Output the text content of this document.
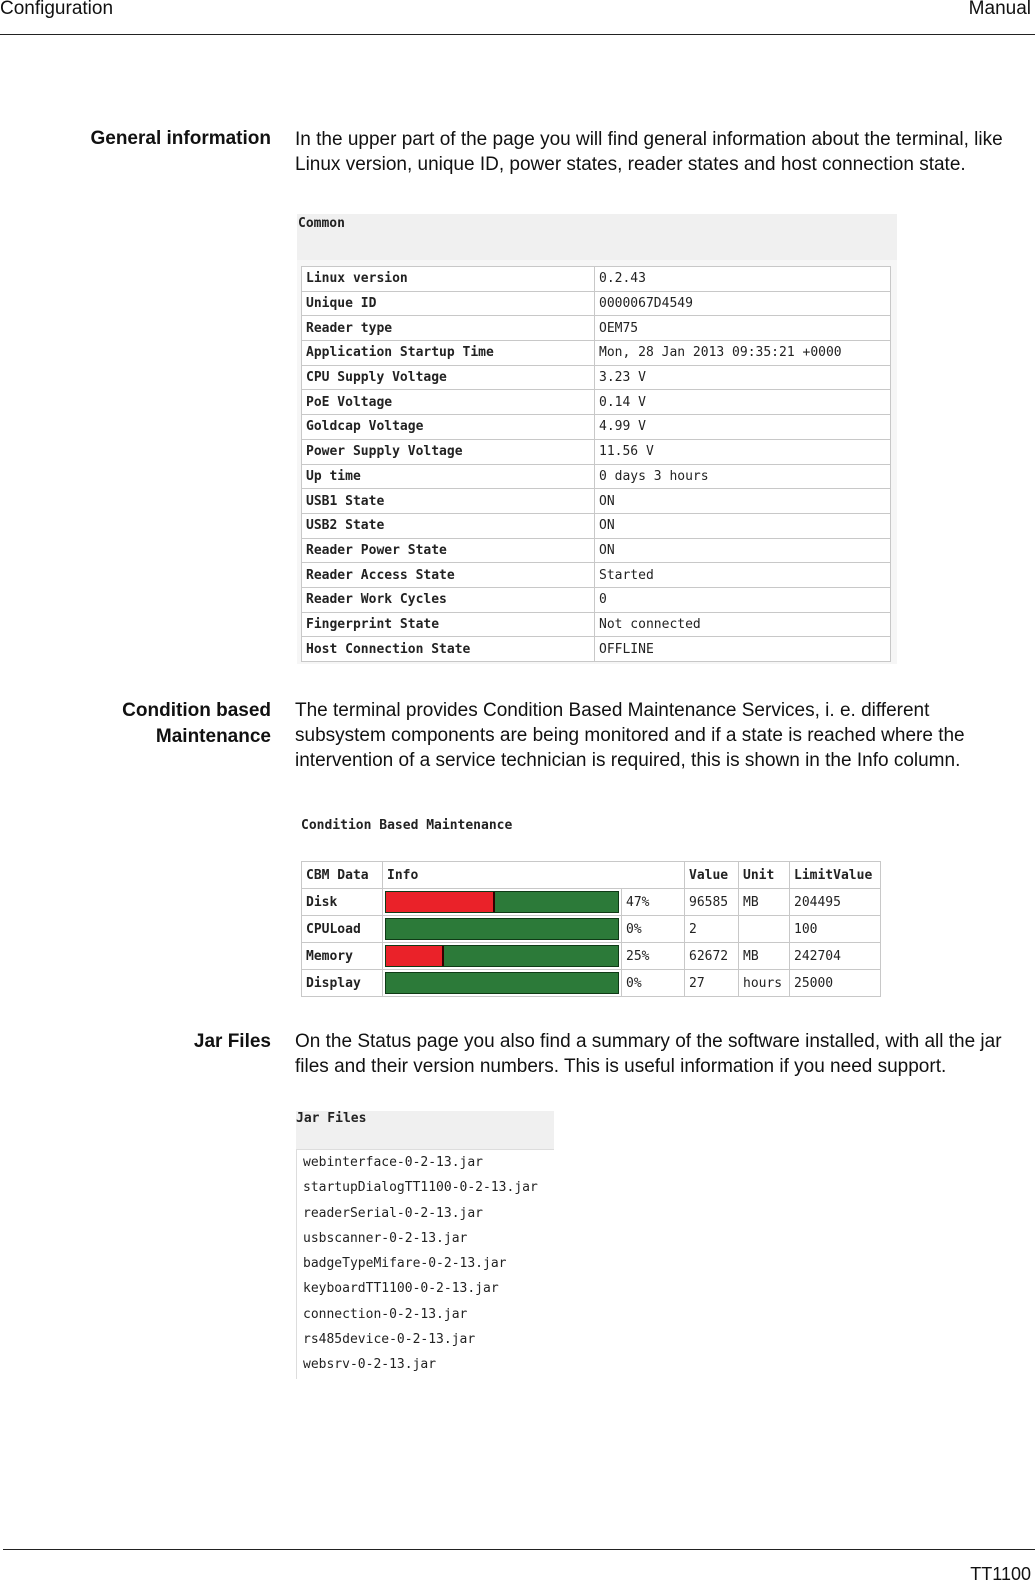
Configuration	Manual
General information In the upper part of the page you will find general information about the terminal, like Linux version, unique ID, power states, reader states and host connection state.
Common
Linux version	0.2.43
Unique ID	0000067D4549
Reader type	OEM75
Application Startup Time	Mon, 28 Jan 2013 09:35:21 +0000
CPU Supply Voltage	3.23 V
PoE Voltage	0.14 V
Goldcap Voltage	4.99 V
Power Supply Voltage	11.56 V
Up time	0 days 3 hours
USB1 State	ON
USB2 State	ON
Reader Power State	ON
Reader Access State	Started
Reader Work Cycles	0
Fingerprint State	Not connected
Host Connection State	OFFLINE
Condition based
Maintenance
The terminal provides Condition Based Maintenance Services, i. e. different subsystem components are being monitored and if a state is reached where the intervention of a service technician is required, this is shown in the Info column.
Condition Based Maintenance
CBM Data	Info		Value	Unit	LimitValue
Disk		47%	96585	MB	204495
CPULoad		0%	2		100
Memory		25%	62672	MB	242704
Display		0%	27	hours	25000
Jar Files On the Status page you also find a summary of the software installed, with all the jar files and their version numbers. This is useful information if you need support.
Jar Files
webinterface-0-2-13.jar
startupDialogTT1100-0-2-13.jar
readerSerial-0-2-13.jar
usbscanner-0-2-13.jar
badgeTypeMifare-0-2-13.jar
keyboardTT1100-0-2-13.jar
connection-0-2-13.jar
rs485device-0-2-13.jar
websrv-0-2-13.jar
TT1100
